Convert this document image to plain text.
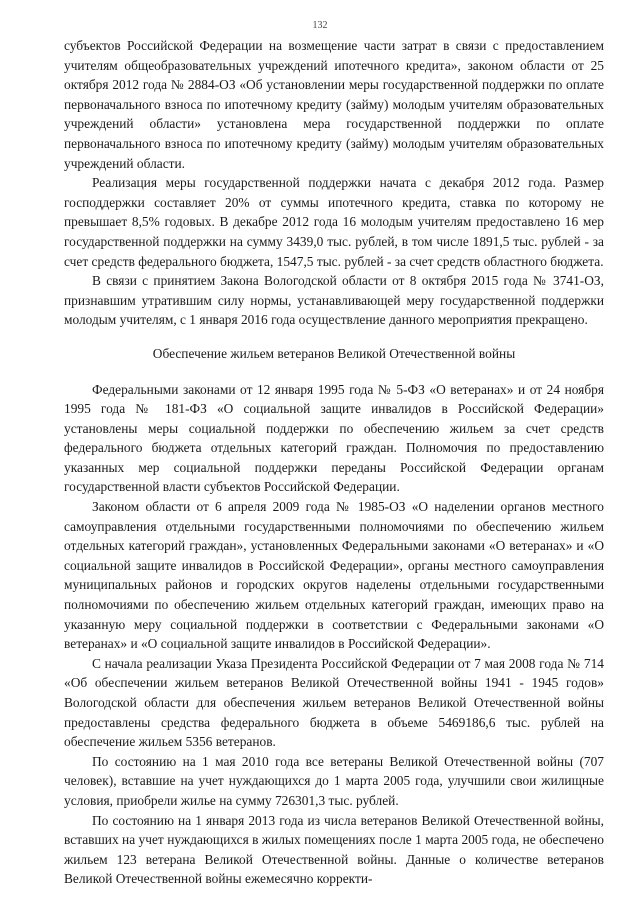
132

субъектов Российской Федерации на возмещение части затрат в связи с предоставлением учителям общеобразовательных учреждений ипотечного кредита», законом области от 25 октября 2012 года № 2884-ОЗ «Об установлении меры государственной поддержки по оплате первоначального взноса по ипотечному кредиту (займу) молодым учителям образовательных учреждений области» установлена мера государственной поддержки по оплате первоначального взноса по ипотечному кредиту (займу) молодым учителям образовательных учреждений области.

Реализация меры государственной поддержки начата с декабря 2012 года. Размер господдержки составляет 20% от суммы ипотечного кредита, ставка по которому не превышает 8,5% годовых. В декабре 2012 года 16 молодым учителям предоставлено 16 мер государственной поддержки на сумму 3439,0 тыс. рублей, в том числе 1891,5 тыс. рублей - за счет средств федерального бюджета, 1547,5 тыс. рублей - за счет средств областного бюджета.

В связи с принятием Закона Вологодской области от 8 октября 2015 года № 3741-ОЗ, признавшим утратившим силу нормы, устанавливающей меру государственной поддержки молодым учителям, с 1 января 2016 года осуществление данного мероприятия прекращено.

Обеспечение жильем ветеранов Великой Отечественной войны

Федеральными законами от 12 января 1995 года № 5-ФЗ «О ветеранах» и от 24 ноября 1995 года № 181-ФЗ «О социальной защите инвалидов в Российской Федерации» установлены меры социальной поддержки по обеспечению жильем за счет средств федерального бюджета отдельных категорий граждан. Полномочия по предоставлению указанных мер социальной поддержки переданы Российской Федерации органам государственной власти субъектов Российской Федерации.

Законом области от 6 апреля 2009 года № 1985-ОЗ «О наделении органов местного самоуправления отдельными государственными полномочиями по обеспечению жильем отдельных категорий граждан», установленных Федеральными законами «О ветеранах» и «О социальной защите инвалидов в Российской Федерации», органы местного самоуправления муниципальных районов и городских округов наделены отдельными государственными полномочиями по обеспечению жильем отдельных категорий граждан, имеющих право на указанную меру социальной поддержки в соответствии с Федеральными законами «О ветеранах» и «О социальной защите инвалидов в Российской Федерации».

С начала реализации Указа Президента Российской Федерации от 7 мая 2008 года № 714 «Об обеспечении жильем ветеранов Великой Отечественной войны 1941 - 1945 годов» Вологодской области для обеспечения жильем ветеранов Великой Отечественной войны предоставлены средства федерального бюджета в объеме 5469186,6 тыс. рублей на обеспечение жильем 5356 ветеранов.

По состоянию на 1 мая 2010 года все ветераны Великой Отечественной войны (707 человек), вставшие на учет нуждающихся до 1 марта 2005 года, улучшили свои жилищные условия, приобрели жилье на сумму 726301,3 тыс. рублей.

По состоянию на 1 января 2013 года из числа ветеранов Великой Отечественной войны, вставших на учет нуждающихся в жилых помещениях после 1 марта 2005 года, не обеспечено жильем 123 ветерана Великой Отечественной войны. Данные о количестве ветеранов Великой Отечественной войны ежемесячно корректи-
